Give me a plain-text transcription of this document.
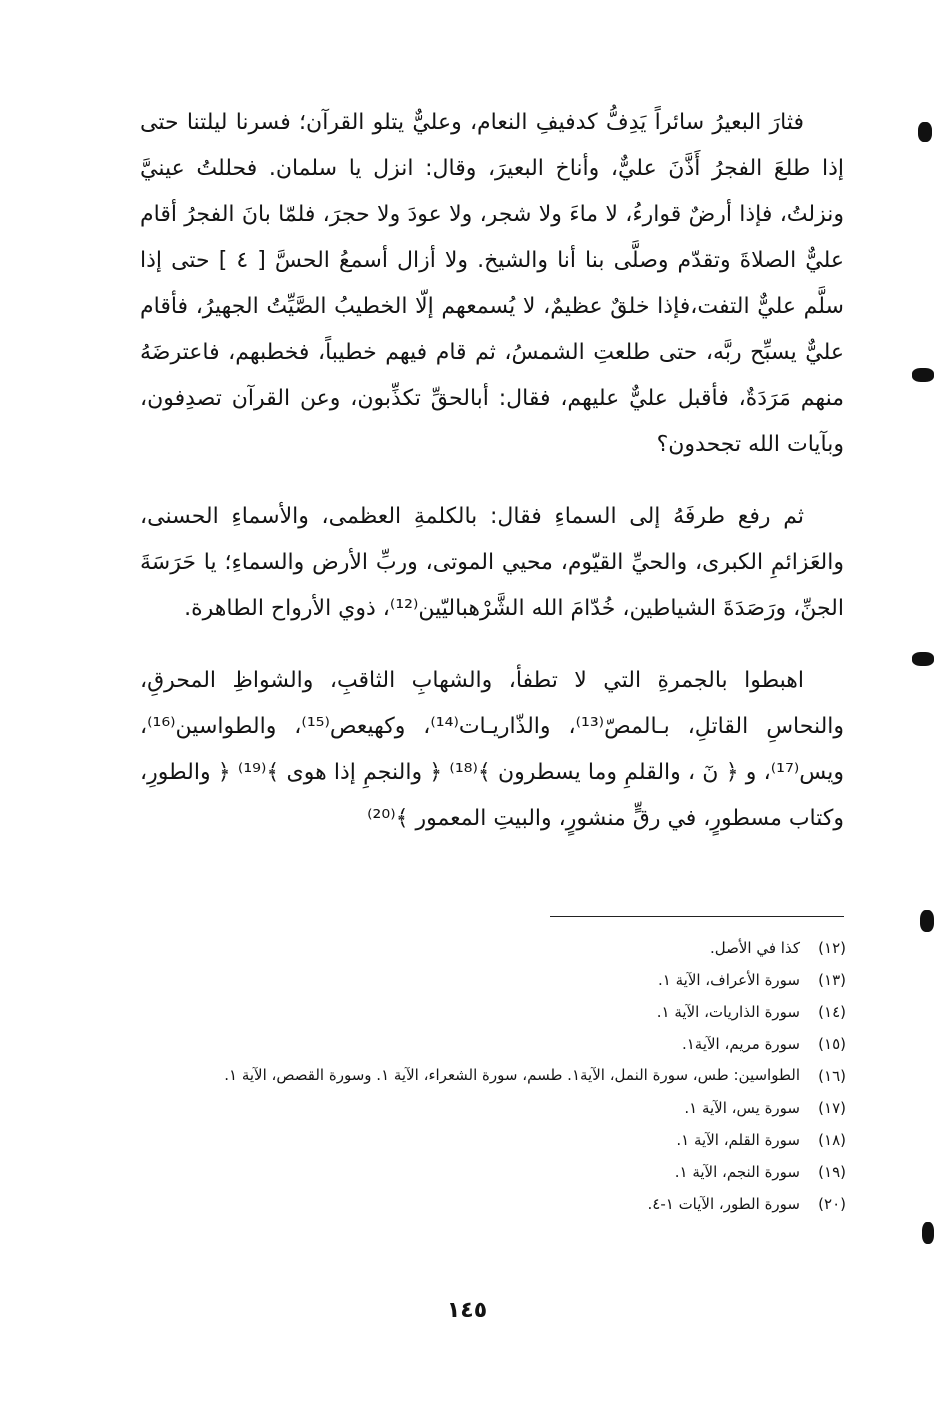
فثارَ البعيرُ سائراً يَدِفُّ كدفيفِ النعام، وعليٌّ يتلو القرآن؛ فسرنا ليلتنا حتى إذا طلعَ الفجرُ أَذَّنَ عليٌّ، وأناخ البعيرَ، وقال: انزل يا سلمان. فحللتُ عينيَّ ونزلتُ، فإذا أرضٌ قوارءُ، لا ماءَ ولا شجر، ولا عودَ ولا حجرَ، فلمّا بانَ الفجرُ أقام عليٌّ الصلاةَ وتقدّم وصلَّى بنا أنا والشيخ. ولا أزال أسمعُ الحسَّ [ ٤ ] حتى إذا سلَّم عليٌّ التفت،فإذا خلقٌ عظيمٌ، لا يُسمعهم إلّا الخطيبُ الصَّيِّتُ الجهيرُ، فأقام عليٌّ يسبِّح ربَّه، حتى طلعتِ الشمسُ، ثم قام فيهم خطيباً، فخطبهم، فاعترضَهُ منهم مَرَدَةٌ، فأقبل عليٌّ عليهم، فقال: أبالحقِّ تكذِّبون، وعن القرآن تصدِفون، وبآيات الله تجحدون؟

ثم رفع طرفَهُ إلى السماءِ فقال: بالكلمةِ العظمى، والأسماءِ الحسنى، والعَزائمِ الكبرى، والحيِّ القيّوم، محيي الموتى، وربِّ الأرض والسماءِ؛ يا حَرَسَةَ الجنِّ، ورَصَدَةَ الشياطين، خُدّامَ الله الشَّرْهباليّين⁽¹²⁾، ذوي الأرواح الطاهرة.

اهبطوا بالجمرةِ التي لا تطفأ، والشهابِ الثاقبِ، والشواظِ المحرقِ، والنحاسِ القاتلِ، بـالمصّ⁽¹³⁾، والذّاريـات⁽¹⁴⁾، وكهيعص⁽¹⁵⁾، والطواسين⁽¹⁶⁾، ويس⁽¹⁷⁾، و ﴿ نٓ ، والقلمِ وما يسطرون ﴾⁽¹⁸⁾ ﴿ والنجمِ إذا هوى ﴾⁽¹⁹⁾ ﴿ والطورِ، وكتاب مسطورٍ، في رقٍّ منشورٍ، والبيتِ المعمور ﴾⁽²⁰⁾

(١٢)
كذا في الأصل.
(١٣)
سورة الأعراف، الآية ١.
(١٤)
سورة الذاريات، الآية ١.
(١٥)
سورة مريم، الآية١.
(١٦)
الطواسين: طس، سورة النمل، الآية١. طسم، سورة الشعراء، الآية ١. وسورة القصص، الآية ١.
(١٧)
سورة يس، الآية ١.
(١٨)
سورة القلم، الآية ١.
(١٩)
سورة النجم، الآية ١.
(٢٠)
سورة الطور، الآيات ١-٤.
١٤٥
